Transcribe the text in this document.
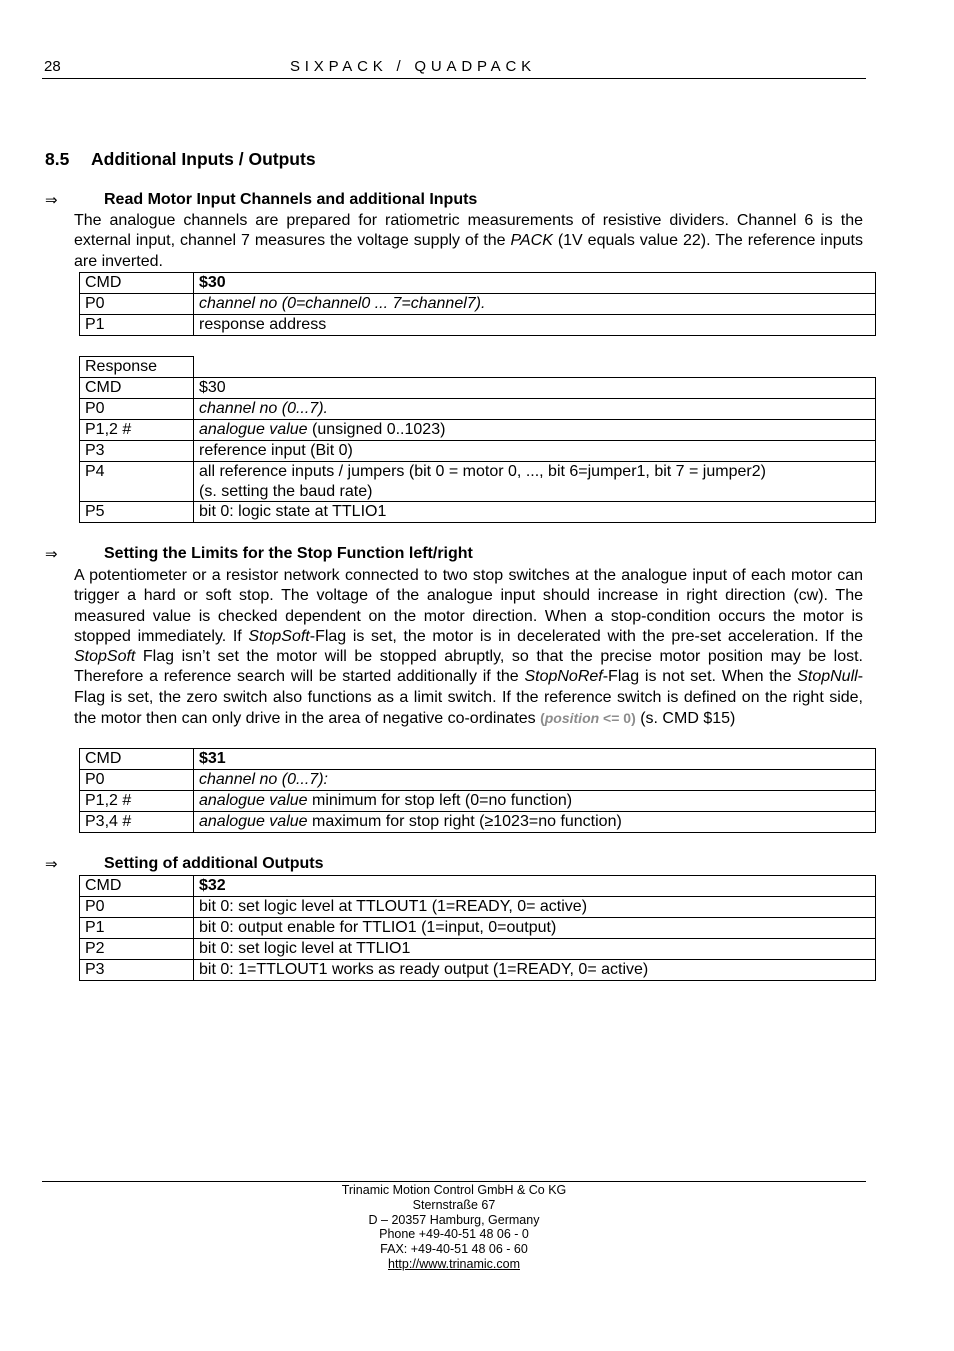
28	SIXPACK / QUADPACK
8.5 Additional Inputs / Outputs
⇒	Read Motor Input Channels and additional Inputs
The analogue channels are prepared for ratiometric measurements of resistive dividers. Channel 6 is the external input, channel 7 measures the voltage supply of the PACK (1V equals value 22). The reference inputs are inverted.
CMD	$30
P0	channel no (0=channel0 ... 7=channel7).
P1	response address
Response	
CMD	$30
P0	channel no (0...7).
P1,2 #	analogue value (unsigned 0..1023)
P3	reference input (Bit 0)
P4	all reference inputs / jumpers (bit 0 = motor 0, ..., bit 6=jumper1, bit 7 = jumper2)
(s. setting the baud rate)

P5	bit 0: logic state at TTLIO1
⇒	Setting the Limits for the Stop Function left/right
A potentiometer or a resistor network connected to two stop switches at the analogue input of each motor can trigger a hard or soft stop. The voltage of the analogue input should increase in right direction (cw). The measured value is checked dependent on the motor direction. When a stop-condition occurs the motor is stopped immediately. If StopSoft-Flag is set, the motor is in decelerated with the pre-set acceleration. If the StopSoft Flag isn’t set the motor will be stopped abruptly, so that the precise motor position may be lost. Therefore a reference search will be started additionally if the StopNoRef-Flag is not set. When the StopNull-Flag is set, the zero switch also functions as a limit switch. If the reference switch is defined on the right side, the motor then can only drive in the area of negative co-ordinates (position <= 0) (s. CMD $15)
CMD	$31
P0	channel no (0...7):
P1,2 #	analogue value minimum for stop left (0=no function)
P3,4 #	analogue value maximum for stop right (≥1023=no function)
⇒	Setting of additional Outputs
CMD	$32
P0	bit 0: set logic level at TTLOUT1 (1=READY, 0= active)
P1	bit 0: output enable for TTLIO1 (1=input, 0=output)
P2	bit 0: set logic level at TTLIO1
P3	bit 0: 1=TTLOUT1 works as ready output (1=READY, 0= active)
Trinamic Motion Control GmbH & Co KG
Sternstraße 67
D – 20357 Hamburg, Germany
Phone +49-40-51 48 06 - 0
FAX: +49-40-51 48 06 - 60
http://www.trinamic.com
